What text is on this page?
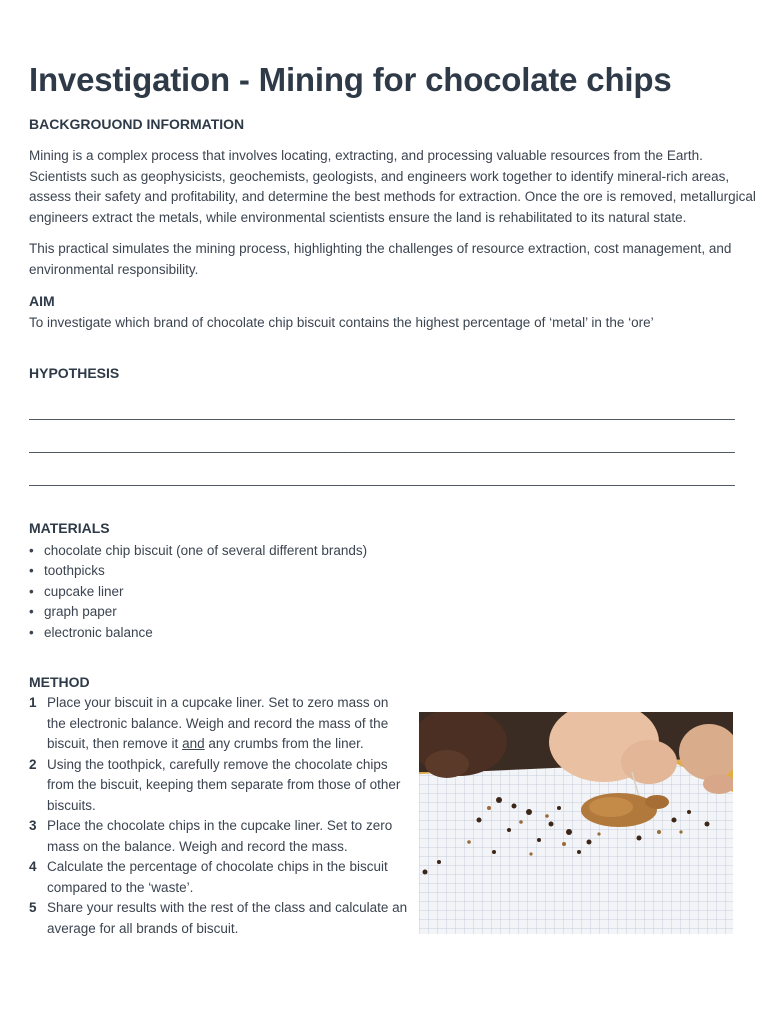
Investigation - Mining for chocolate chips
BACKGROUOND INFORMATION

Mining is a complex process that involves locating, extracting, and processing valuable resources from the Earth. Scientists such as geophysicists, geochemists, geologists, and engineers work together to identify mineral-rich areas, assess their safety and profitability, and determine the best methods for extraction. Once the ore is removed, metallurgical engineers extract the metals, while environmental scientists ensure the land is rehabilitated to its natural state.

This practical simulates the mining process, highlighting the challenges of resource extraction, cost management, and environmental responsibility.

AIM

To investigate which brand of chocolate chip biscuit contains the highest percentage of ‘metal’ in the ‘ore’

HYPOTHESIS
______________________________________________________________________________________________
______________________________________________________________________________________________
______________________________________________________________________________________________
MATERIALS
• chocolate chip biscuit (one of several different brands)
• toothpicks
• cupcake liner
• graph paper
• electronic balance
METHOD
1 Place your biscuit in a cupcake liner. Set to zero mass on the electronic balance. Weigh and record the mass of the biscuit, then remove it and any crumbs from the liner.
2 Using the toothpick, carefully remove the chocolate chips from the biscuit, keeping them separate from those of other biscuits.
3 Place the chocolate chips in the cupcake liner. Set to zero mass on the balance. Weigh and record the mass.
4 Calculate the percentage of chocolate chips in the biscuit compared to the ‘waste’.
5 Share your results with the rest of the class and calculate an average for all brands of biscuit.
